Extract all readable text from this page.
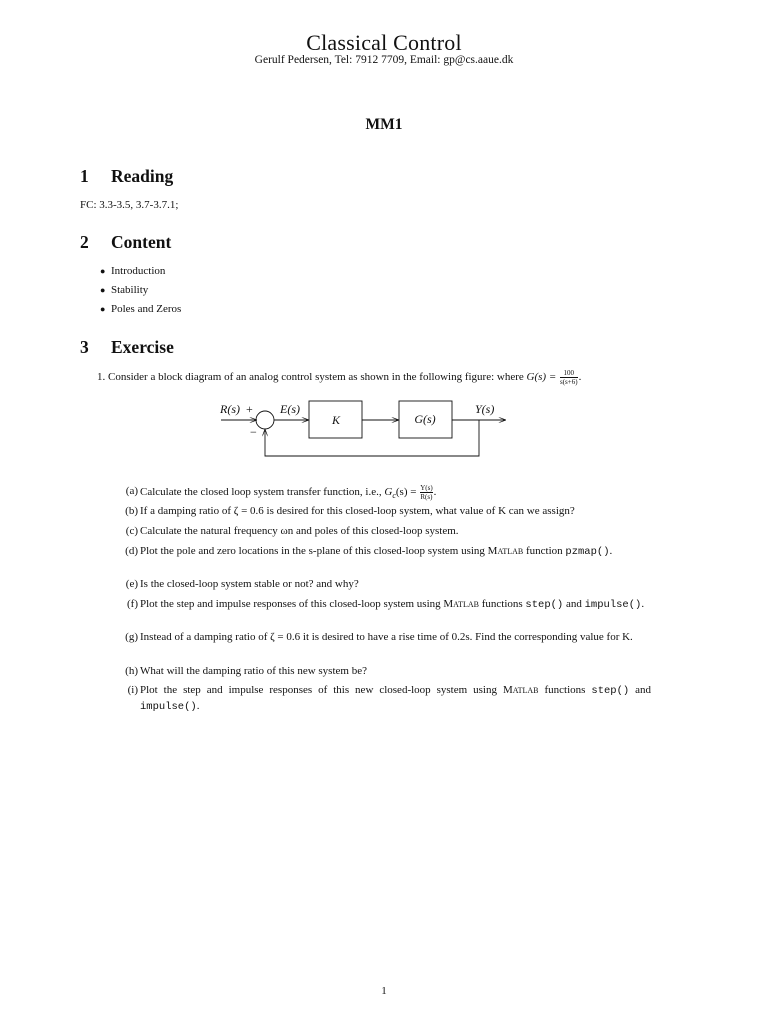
Classical Control
Gerulf Pedersen, Tel: 7912 7709, Email: gp@cs.aaue.dk
MM1
1 Reading
FC: 3.3-3.5, 3.7-3.7.1;
2 Content
● Introduction
● Stability
● Poles and Zeros
3 Exercise
1. Consider a block diagram of an analog control system as shown in the following figure: where $G(s) = \frac{100}{s(s+6)}$ .
R(s) +
−
E(s)
K	G(s)
Y(s)
(a) Calculate the closed loop system transfer function, i.e., $G_c(s) = \frac{Y(s)}{R(s)}$ .
(b) If a damping ratio of ζ = 0.6 is desired for this closed-loop system, what value of K can we assign?
(c) Calculate the natural frequency ωn and poles of this closed-loop system.
(d) Plot the pole and zero locations in the s-plane of this closed-loop system using Matlab function pzmap().
(e) Is the closed-loop system stable or not? and why?
(f) Plot the step and impulse responses of this closed-loop system using Matlab functions step() and impulse().
(g) Instead of a damping ratio of ζ = 0.6 it is desired to have a rise time of 0.2s. Find the corresponding value for K.
(h) What will the damping ratio of this new system be?
(i) Plot the step and impulse responses of this new closed-loop system using Matlab functions step() and impulse().
1
